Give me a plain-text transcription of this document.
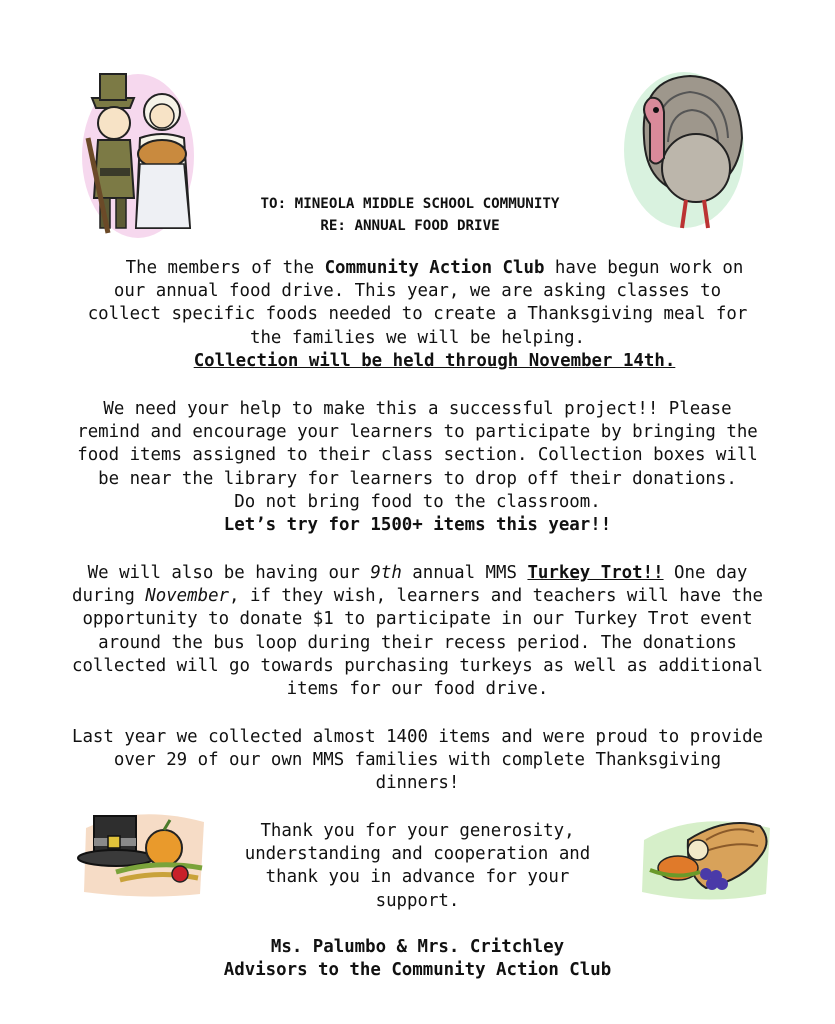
TO: MINEOLA MIDDLE SCHOOL COMMUNITY
RE: ANNUAL FOOD DRIVE
The members of the Community Action Club have begun work on
our annual food drive. This year, we are asking classes to
collect specific foods needed to create a Thanksgiving meal for
the families we will be helping.
Collection will be held through November 14th.
We need your help to make this a successful project!! Please
remind and encourage your learners to participate by bringing the
food items assigned to their class section. Collection boxes will
be near the library for learners to drop off their donations.
Do not bring food to the classroom.
Let’s try for 1500+ items this year!!
We will also be having our 9th annual MMS Turkey Trot!! One day
during November, if they wish, learners and teachers will have the
opportunity to donate $1 to participate in our Turkey Trot event
around the bus loop during their recess period. The donations
collected will go towards purchasing turkeys as well as additional
items for our food drive.
Last year we collected almost 1400 items and were proud to provide
over 29 of our own MMS families with complete Thanksgiving
dinners!
Thank you for your generosity,
understanding and cooperation and
thank you in advance for your
support.
Ms. Palumbo & Mrs. Critchley
Advisors to the Community Action Club
